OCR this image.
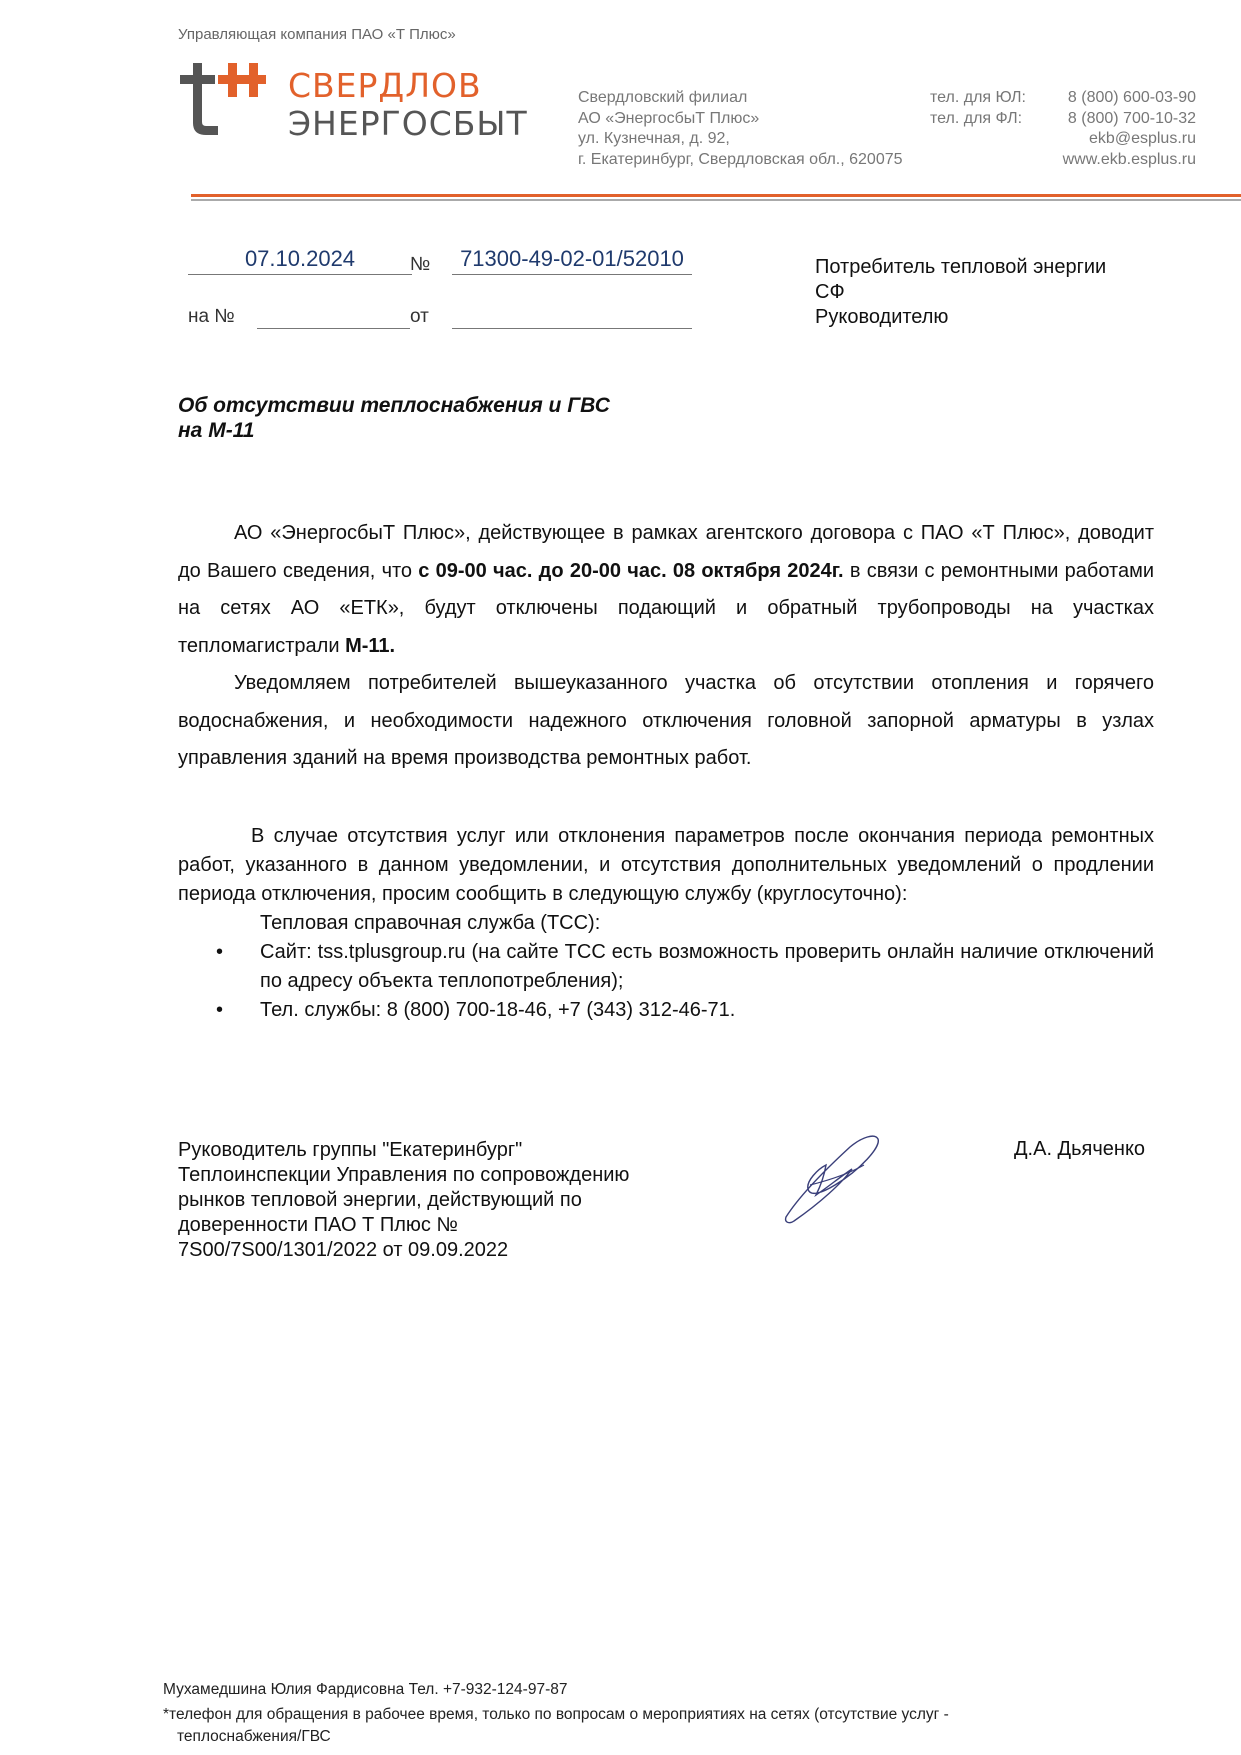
Управляющая компания ПАО «Т Плюс»
СВЕРДЛОВ
ЭНЕРГОСБЫТ
Свердловский филиал
АО «ЭнергосбыТ Плюс»
ул. Кузнечная, д. 92,
г. Екатеринбург, Свердловская обл., 620075
тел. для ЮЛ:	8 (800) 600-03-90
тел. для ФЛ:	8 (800) 700-10-32
ekb@esplus.ru
www.ekb.esplus.ru
07.10.2024	№	71300-49-02-01/52010
на №	от
Потребитель тепловой энергии
СФ
Руководителю
Об отсутствии теплоснабжения и ГВС
на М-11

АО «ЭнергосбыТ Плюс», действующее в рамках агентского договора с ПАО «Т Плюс», доводит до Вашего сведения, что с 09-00 час. до 20-00 час. 08 октября 2024г. в связи с ремонтными работами на сетях АО «ЕТК», будут отключены подающий и обратный трубопроводы на участках тепломагистрали М-11.

Уведомляем потребителей вышеуказанного участка об отсутствии отопления и горячего водоснабжения, и необходимости надежного отключения головной запорной арматуры в узлах управления зданий на время производства ремонтных работ.

В случае отсутствия услуг или отклонения параметров после окончания периода ремонтных работ, указанного в данном уведомлении, и отсутствия дополнительных уведомлений о продлении периода отключения, просим сообщить в следующую службу (круглосуточно):

Тепловая справочная служба (ТСС):
• Сайт: tss.tplusgroup.ru (на сайте ТСС есть возможность проверить онлайн наличие отключений по адресу объекта теплопотребления);
• Тел. службы: 8 (800) 700-18-46, +7 (343) 312-46-71.
Руководитель группы "Екатеринбург"
Теплоинспекции Управления по сопровождению
рынков тепловой энергии, действующий по
доверенности ПАО Т Плюс №
7S00/7S00/1301/2022 от 09.09.2022
Д.А. Дьяченко
Мухамедшина Юлия Фардисовна Тел. +7-932-124-97-87
*телефон для обращения в рабочее время, только по вопросам о мероприятиях на сетях (отсутствие услуг -
теплоснабжения/ГВС
